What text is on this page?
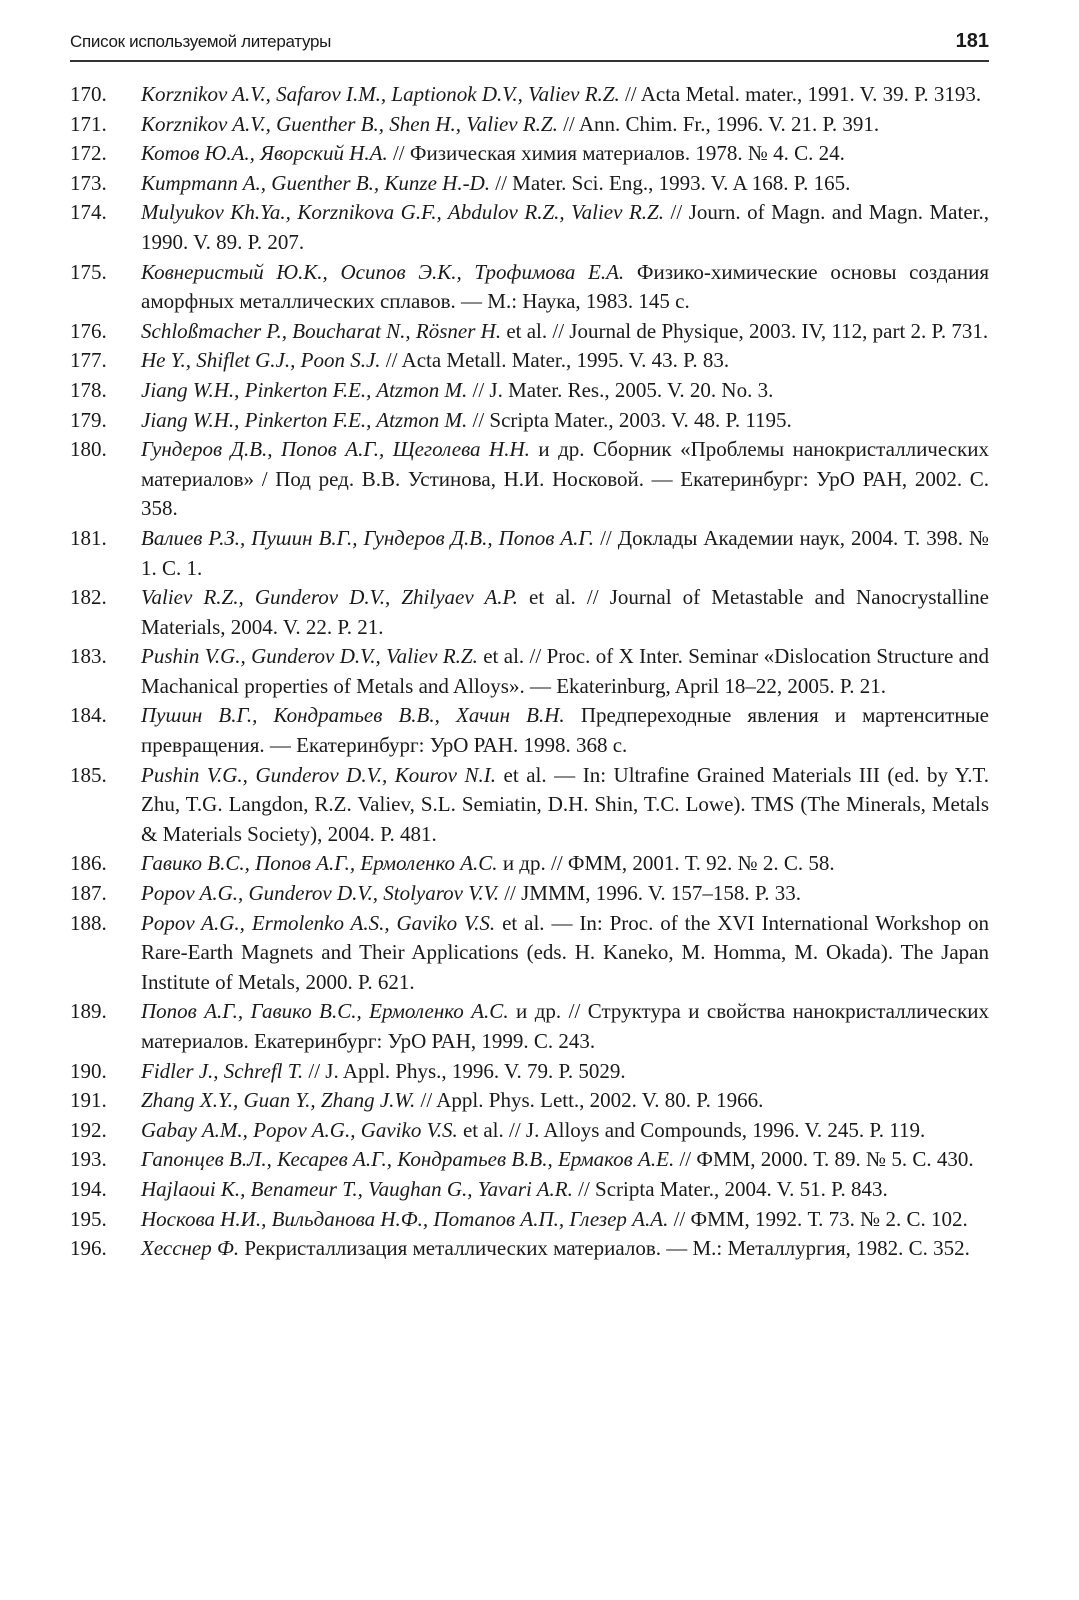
Список используемой литературы	181
170.	Korznikov A.V., Safarov I.M., Laptionok D.V., Valiev R.Z. // Acta Metal. mater., 1991. V. 39. P. 3193.
171.	Korznikov A.V., Guenther B., Shen H., Valiev R.Z. // Ann. Chim. Fr., 1996. V. 21. P. 391.
172.	Котов Ю.А., Яворский Н.А. // Физическая химия материалов. 1978. № 4. С. 24.
173.	Kumpmann A., Guenther B., Kunze H.-D. // Mater. Sci. Eng., 1993. V. A 168. P. 165.
174.	Mulyukov Kh.Ya., Korznikova G.F., Abdulov R.Z., Valiev R.Z. // Journ. of Magn. and Magn. Mater., 1990. V. 89. P. 207.
175.	Ковнеристый Ю.К., Осипов Э.К., Трофимова Е.А. Физико-химические основы создания аморфных металлических сплавов. — М.: Наука, 1983. 145 с.
176.	Schloßmacher P., Boucharat N., Rösner H. et al. // Journal de Physique, 2003. IV, 112, part 2. P. 731.
177.	He Y., Shiflet G.J., Poon S.J. // Acta Metall. Mater., 1995. V. 43. P. 83.
178.	Jiang W.H., Pinkerton F.E., Atzmon M. // J. Mater. Res., 2005. V. 20. No. 3.
179.	Jiang W.H., Pinkerton F.E., Atzmon M. // Scripta Mater., 2003. V. 48. P. 1195.
180.	Гундеров Д.В., Попов А.Г., Щеголева Н.Н. и др. Сборник «Проблемы нанокристаллических материалов» / Под ред. В.В. Устинова, Н.И. Носковой. — Екатеринбург: УрО РАН, 2002. С. 358.
181.	Валиев Р.З., Пушин В.Г., Гундеров Д.В., Попов А.Г. // Доклады Академии наук, 2004. Т. 398. № 1. С. 1.
182.	Valiev R.Z., Gunderov D.V., Zhilyaev A.P. et al. // Journal of Metastable and Nanocrystalline Materials, 2004. V. 22. P. 21.
183.	Pushin V.G., Gunderov D.V., Valiev R.Z. et al. // Proc. of X Inter. Seminar «Dislocation Structure and Machanical properties of Metals and Alloys». — Ekaterinburg, April 18–22, 2005. P. 21.
184.	Пушин В.Г., Кондратьев В.В., Хачин В.Н. Предпереходные явления и мартенситные превращения. — Екатеринбург: УрО РАН. 1998. 368 с.
185.	Pushin V.G., Gunderov D.V., Kourov N.I. et al. — In: Ultrafine Grained Materials III (ed. by Y.T. Zhu, T.G. Langdon, R.Z. Valiev, S.L. Semiatin, D.H. Shin, T.C. Lowe). TMS (The Minerals, Metals & Materials Society), 2004. P. 481.
186.	Гавико В.С., Попов А.Г., Ермоленко А.С. и др. // ФММ, 2001. Т. 92. № 2. С. 58.
187.	Popov A.G., Gunderov D.V., Stolyarov V.V. // JMMM, 1996. V. 157–158. P. 33.
188.	Popov A.G., Ermolenko A.S., Gaviko V.S. et al. — In: Proc. of the XVI International Workshop on Rare-Earth Magnets and Their Applications (eds. H. Kaneko, M. Homma, M. Okada). The Japan Institute of Metals, 2000. P. 621.
189.	Попов А.Г., Гавико В.С., Ермоленко А.С. и др. // Структура и свойства нанокристаллических материалов. Екатеринбург: УрО РАН, 1999. С. 243.
190.	Fidler J., Schrefl T. // J. Appl. Phys., 1996. V. 79. P. 5029.
191.	Zhang X.Y., Guan Y., Zhang J.W. // Appl. Phys. Lett., 2002. V. 80. P. 1966.
192.	Gabay A.M., Popov A.G., Gaviko V.S. et al. // J. Alloys and Compounds, 1996. V. 245. P. 119.
193.	Гапонцев В.Л., Кесарев А.Г., Кондратьев В.В., Ермаков А.Е. // ФММ, 2000. Т. 89. № 5. С. 430.
194.	Hajlaoui K., Benameur T., Vaughan G., Yavari A.R. // Scripta Mater., 2004. V. 51. P. 843.
195.	Носкова Н.И., Вильданова Н.Ф., Потапов А.П., Глезер А.А. // ФММ, 1992. Т. 73. № 2. С. 102.
196.	Хесснер Ф. Рекристаллизация металлических материалов. — М.: Металлургия, 1982. С. 352.
